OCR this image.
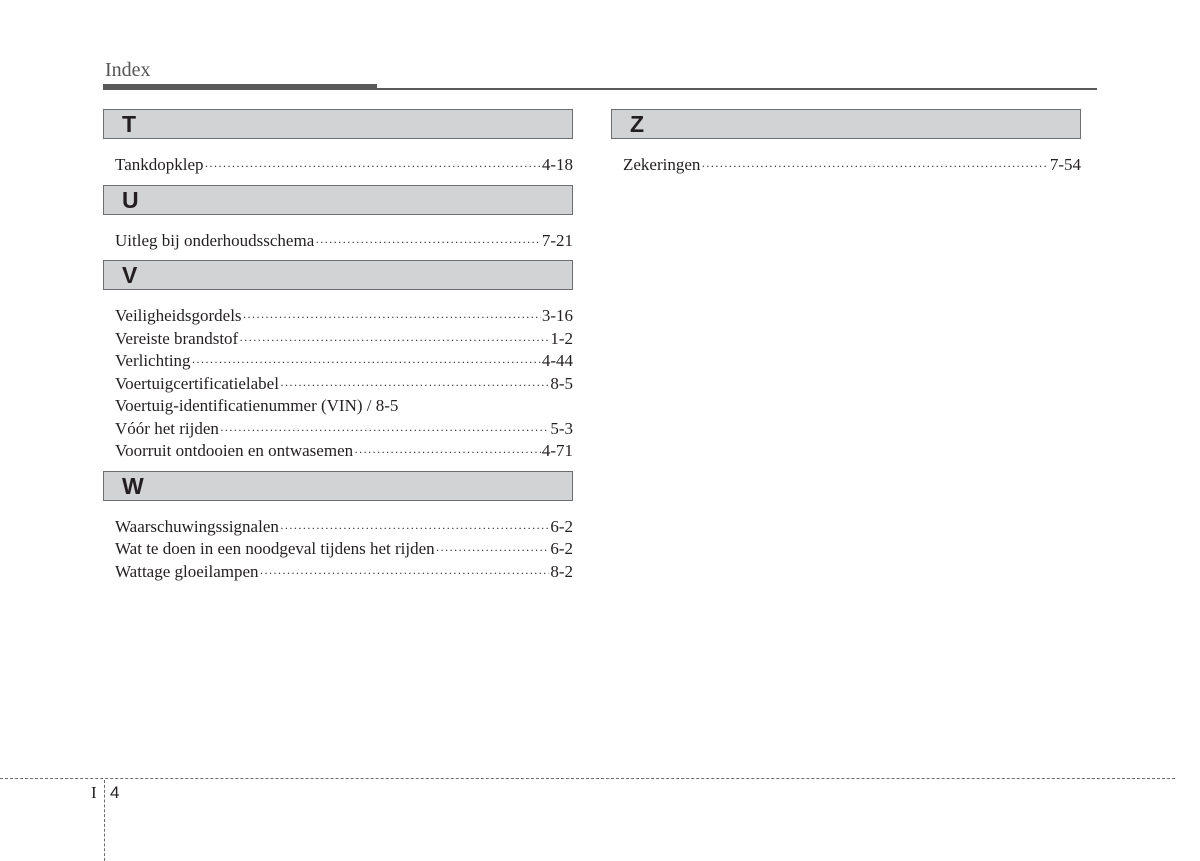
Index
T
Tankdopklep ·····	4-18
U
Uitleg bij onderhoudsschema ·····	7-21
V
Veiligheidsgordels ·····	3-16
Vereiste brandstof ·····	1-2
Verlichting ·····	4-44
Voertuigcertificatielabel ·····	8-5
Voertuig-identificatienummer (VIN) / 8-5
Vóór het rijden ·····	5-3
Voorruit ontdooien en ontwasemen ·····	4-71
W
Waarschuwingssignalen ·····	6-2
Wat te doen in een noodgeval tijdens het rijden ·····	6-2
Wattage gloeilampen ·····	8-2
Z
Zekeringen ·····	7-54
I 4
